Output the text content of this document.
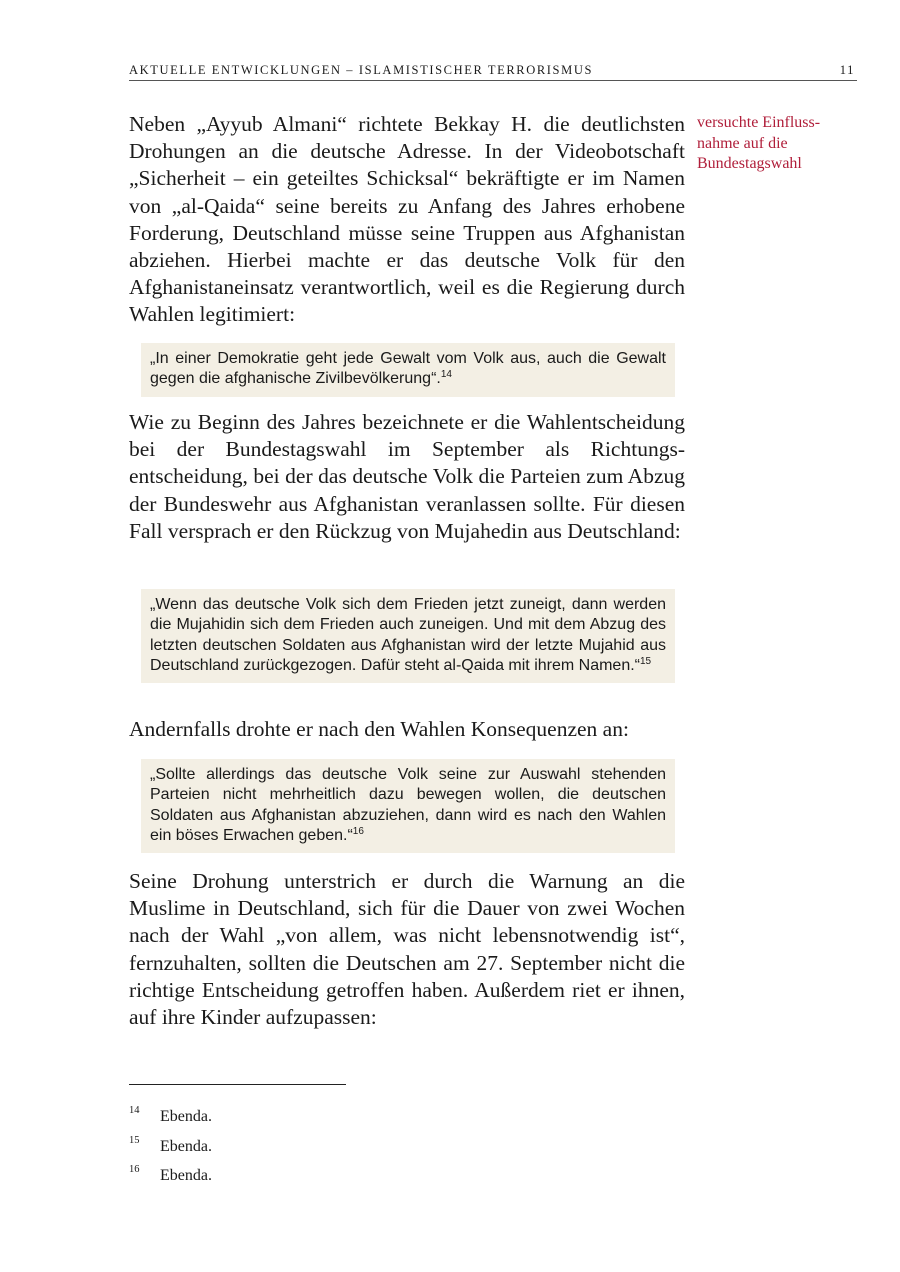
AKTUELLE ENTWICKLUNGEN – ISLAMISTISCHER TERRORISMUS	11
versuchte Einfluss-nahme auf die Bundestagswahl

Neben „Ayyub Almani“ richtete Bekkay H. die deutlichsten Drohungen an die deutsche Adresse. In der Videobotschaft „Sicherheit – ein geteiltes Schicksal“ bekräftigte er im Namen von „al-Qaida“ seine bereits zu Anfang des Jahres erhobene Forderung, Deutschland müsse seine Truppen aus Afghanistan abziehen. Hierbei machte er das deutsche Volk für den Afghanistaneinsatz verantwortlich, weil es die Regierung durch Wahlen legitimiert:

„In einer Demokratie geht jede Gewalt vom Volk aus, auch die Gewalt gegen die afghanische Zivilbevölkerung“.$^{14}$

Wie zu Beginn des Jahres bezeichnete er die Wahlentscheidung bei der Bundestagswahl im September als Richtungsentscheidung, bei der das deutsche Volk die Parteien zum Abzug der Bundeswehr aus Afghanistan veranlassen sollte. Für diesen Fall versprach er den Rückzug von Mujahedin aus Deutschland:

„Wenn das deutsche Volk sich dem Frieden jetzt zuneigt, dann werden die Mujahidin sich dem Frieden auch zuneigen. Und mit dem Abzug des letzten deutschen Soldaten aus Afghanistan wird der letzte Mujahid aus Deutschland zurückgezogen. Dafür steht al-Qaida mit ihrem Namen.“$^{15}$

Andernfalls drohte er nach den Wahlen Konsequenzen an:

„Sollte allerdings das deutsche Volk seine zur Auswahl stehenden Parteien nicht mehrheitlich dazu bewegen wollen, die deutschen Soldaten aus Afghanistan abzuziehen, dann wird es nach den Wahlen ein böses Erwachen geben.“$^{16}$

Seine Drohung unterstrich er durch die Warnung an die Muslime in Deutschland, sich für die Dauer von zwei Wochen nach der Wahl „von allem, was nicht lebensnotwendig ist“, fernzuhalten, sollten die Deutschen am 27. September nicht die richtige Entscheidung getroffen haben. Außerdem riet er ihnen, auf ihre Kinder aufzupassen:

14 Ebenda.
15 Ebenda.
16 Ebenda.
